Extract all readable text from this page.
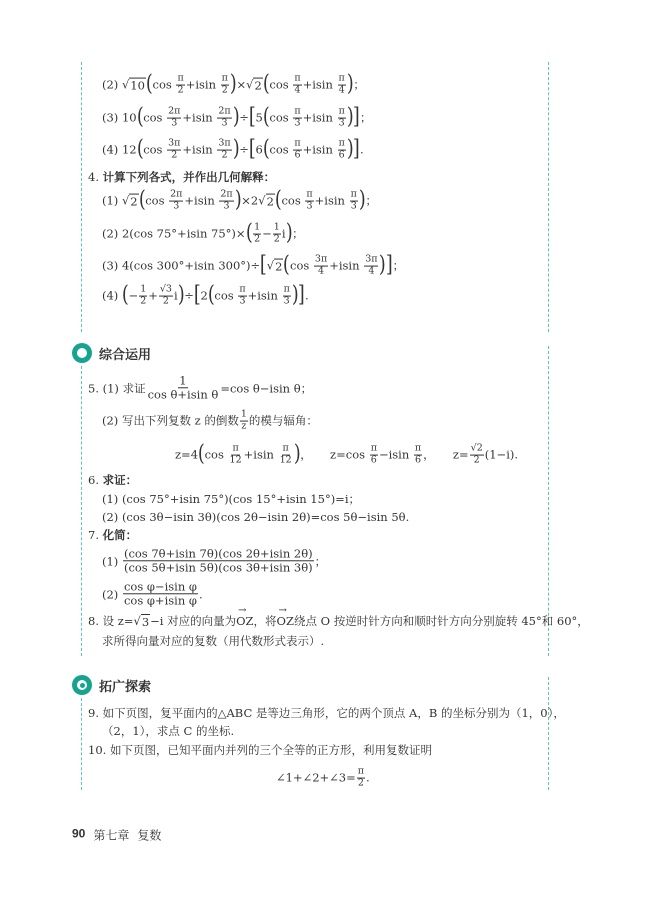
(2) √ 10 ( $\cos \frac{\pi}{2} +isin \frac{\pi}{2}$ ) × √ 2 ( $\cos \frac{\pi}{4} +isin \frac{\pi}{4}$ ) ；
(3) 10 ( $\cos \frac{2\pi}{3} +isin \frac{2\pi}{3}$ ) ÷ [ 5 ( $\cos \frac{\pi}{3} +isin \frac{\pi}{3}$ ) ] ；
(4) 12 ( $\cos \frac{3\pi}{2} +isin \frac{3\pi}{2}$ ) ÷ [ 6 ( $\cos \frac{\pi}{6} +isin \frac{\pi}{6}$ ) ] .
4. 计算下列各式，并作出几何解释：
(1) √ 2 ( $\cos \frac{2\pi}{3} +isin \frac{2\pi}{3}$ ) ×2 √ 2 ( $\cos \frac{\pi}{3} +isin \frac{\pi}{3}$ ) ；
(2) 2(cos 75°+isin 75°)× ( $\frac{1}{2} - \frac{1}{2}$ i ) ；
(3) 4(cos 300°+isin 300°)÷ [ √ 2 ( $\cos \frac{3\pi}{4} +isin \frac{3\pi}{4}$ ) ] ；
(4) ( − $\frac{1}{2} + \frac{√3}{2}$ i ) ÷ [ 2 ( $\cos \frac{\pi}{3} +isin \frac{\pi}{3}$ ) ] .
综合运用
5. (1) 求证 $\frac{1}{\text{cos θ+isin θ}} =\cos$ θ−isin θ；
(2) 写出下列复数 z 的倒数 $\frac{1}{z}$ 的模与辐角：
z=4 ( $\cos \frac{\pi}{12} +isin \frac{\pi}{12}$ ) ，     $z=\cos \frac{\pi}{6} -isin \frac{\pi}{6}$ ，     $z= \frac{√2}{2} (1-i)$.
6. 求证：
(1) (cos 75°+isin 75°)(cos 15°+isin 15°)=i；
(2) (cos 3θ−isin 3θ)(cos 2θ−isin 2θ)=cos 5θ−isin 5θ.
7. 化简：
$(1) \frac{(\cos 7\theta+isin 7\theta)(\cos 2\theta+isin 2\theta)}{(\cos 5\theta+isin 5\theta)(\cos 3\theta+isin 3\theta)}$ ；
$(2) \frac{\text{cos φ−isin φ}}{\text{cos φ+isin φ}}$ .
8. 设 z= √ 3 −i 对应的向量为
→
OZ ，将
→
OZ 绕点 O 按逆时针方向和顺时针方向分别旋转 45°和 60°，
求所得向量对应的复数（用代数形式表示）.
拓广探索
9. 如下页图，复平面内的△ABC 是等边三角形，它的两个顶点 A，B 的坐标分别为（1，0），
（2，1），求点 C 的坐标.
10. 如下页图，已知平面内并列的三个全等的正方形，利用复数证明
∠1+∠2+∠3= $\frac{\pi}{2}$ .
90 第七章 复数
